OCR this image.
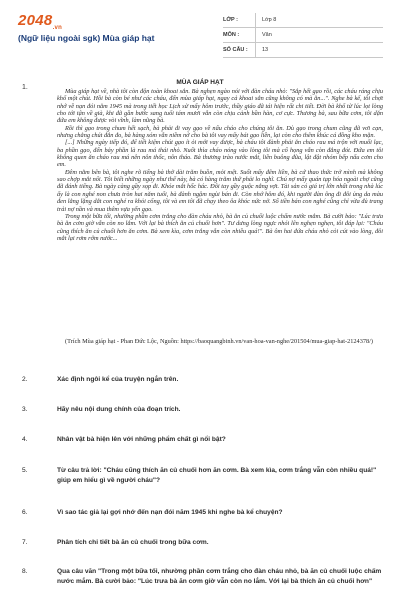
$2048_{.vn}$
(Ngữ liệu ngoài sgk) Mùa giáp hạt
LỚP :	Lớp 8
MÔN :	Văn
SỐ CÂU :	13
1.
MÙA GIÁP HẠT

Mùa giáp hạt về, nhà tôi còn độn toàn khoai sắn. Bà nghẹn ngào nói với đàn cháu nhỏ: "Sắp hết gạo rồi, các cháu ráng chịu khổ một chút. Hồi bà còn bé như các cháu, đến mùa giáp hạt, ngay cả khoai sắn cũng không có mà ăn...". Nghe bà kể, tôi chợt nhớ về nạn đói năm 1945 mà trong tiết học Lịch sử mấy hôm trước, thầy giáo đã tái hiện rất chi tiết. Đời bà khổ từ lúc lọt lòng cho tới tận về già, khi đã gần bước sang tuổi tám mươi vẫn còn chịu cảnh bần hàn, cơ cực. Thương bà, sau bữa cơm, tôi dặn đứa em không được vòi vĩnh, làm nũng bà.

Rồi thì gạo trong chum hết sạch, bà phải đi vay gạo về nấu cháo cho chúng tôi ăn. Dù gạo trong chum cũng đã vơi cạn, nhưng chẳng chút đắn đo, bà hàng xóm vẫn niềm nở cho bà tôi vay mấy bát gạo liền, lại còn cho thêm khúc cá đồng kho mặn.

[...] Những ngày tiếp đó, để tiết kiệm chút gạo ít ỏi mới vay được, bà cháu tôi đành phải ăn cháo rau má trộn với muối lạc, ba phần gạo, đến bảy phần là rau má thái nhỏ. Nuốt thìa cháo nóng vào lòng tôi mà cổ họng vẫn còn đắng đót. Đứa em tôi không quen ăn cháo rau má nên nôn thốc, nôn tháo. Bà thương trào nước mắt, liền buông đũa, lật đật nhóm bếp nấu cơm cho em.

Đêm nằm bên bà, tôi nghe rõ tiếng bà thở dài trăm buồn, mỏi mệt. Suốt mấy đêm liền, bà cứ thao thức trở mình mà không sao chợp mắt nổi. Tôi biết những ngày như thế này, bà có hàng trăm thứ phải lo nghĩ. Chú nợ mấy quán tạp hóa ngoài chợ cũng đã đánh tiếng. Bà ngày càng gầy sọp đi. Khóe mắt hốc hác. Đôi tay gầy guộc nắng vợt. Tài sản có giá trị lớn nhất trong nhà lúc ấy là con nghé non chưa tròn hai năm tuổi, bà đành ngậm ngùi bán đi. Còn nhớ hôm đó, khi người đàn ông đi đôi ủng da màu đen lẳng lặng dắt con nghé ra khỏi cổng, tôi và em tôi đã chạy theo ôa khóc nức nở. Số tiền bán con nghé cũng chỉ vừa đủ trang trải nợ nần và mua thêm vựa yến gạo.

Trong một bữa tối, nhường phần cơm trắng cho đàn cháu nhỏ, bà ăn củ chuối luộc chấm nước mắm. Bà cười bảo: "Lúc trưa bà ăn cơm giờ vẫn còn no lắm. Với lại bà thích ăn củ chuối hơn". Tư dưng lòng ngực nhói lên nghẹn nghẹn, tôi đáp lại: "Cháu cũng thích ăn củ chuối hơn ăn cơm. Bà xem kìa, cơm trắng vẫn còn nhiều quá!". Bà ôm hai đứa cháu nhỏ cỏi cút vào lòng, đôi mắt lại rơm rớm nước...

(Trích Mùa giáp hạt - Phan Đức Lộc, Nguồn: https://baoquangbinh.vn/van-hoa-van-nghe/201504/mua-giap-hat-2124378/)
2.	Xác định ngôi kể của truyện ngắn trên.
3.	Hãy nêu nội dung chính của đoạn trích.
4.	Nhân vật bà hiện lên với những phẩm chất gì nổi bật?
5.	Từ câu trả lời: "Cháu cũng thích ăn củ chuối hơn ăn cơm. Bà xem kìa, cơm trắng vẫn còn nhiều quá!" giúp em hiểu gì về người cháu"?
6.	Vì sao tác giả lại gợi nhớ đến nạn đói năm 1945 khi nghe bà kể chuyện?
7.	Phân tích chi tiết bà ăn củ chuối trong bữa cơm.
8.	Qua câu văn "Trong một bữa tối, nhường phần cơm trắng cho đàn cháu nhỏ, bà ăn củ chuối luộc chấm nước mắm. Bà cười bảo: "Lúc trưa bà ăn cơm giờ vẫn còn no lắm. Với lại bà thích ăn củ chuối hơn"
